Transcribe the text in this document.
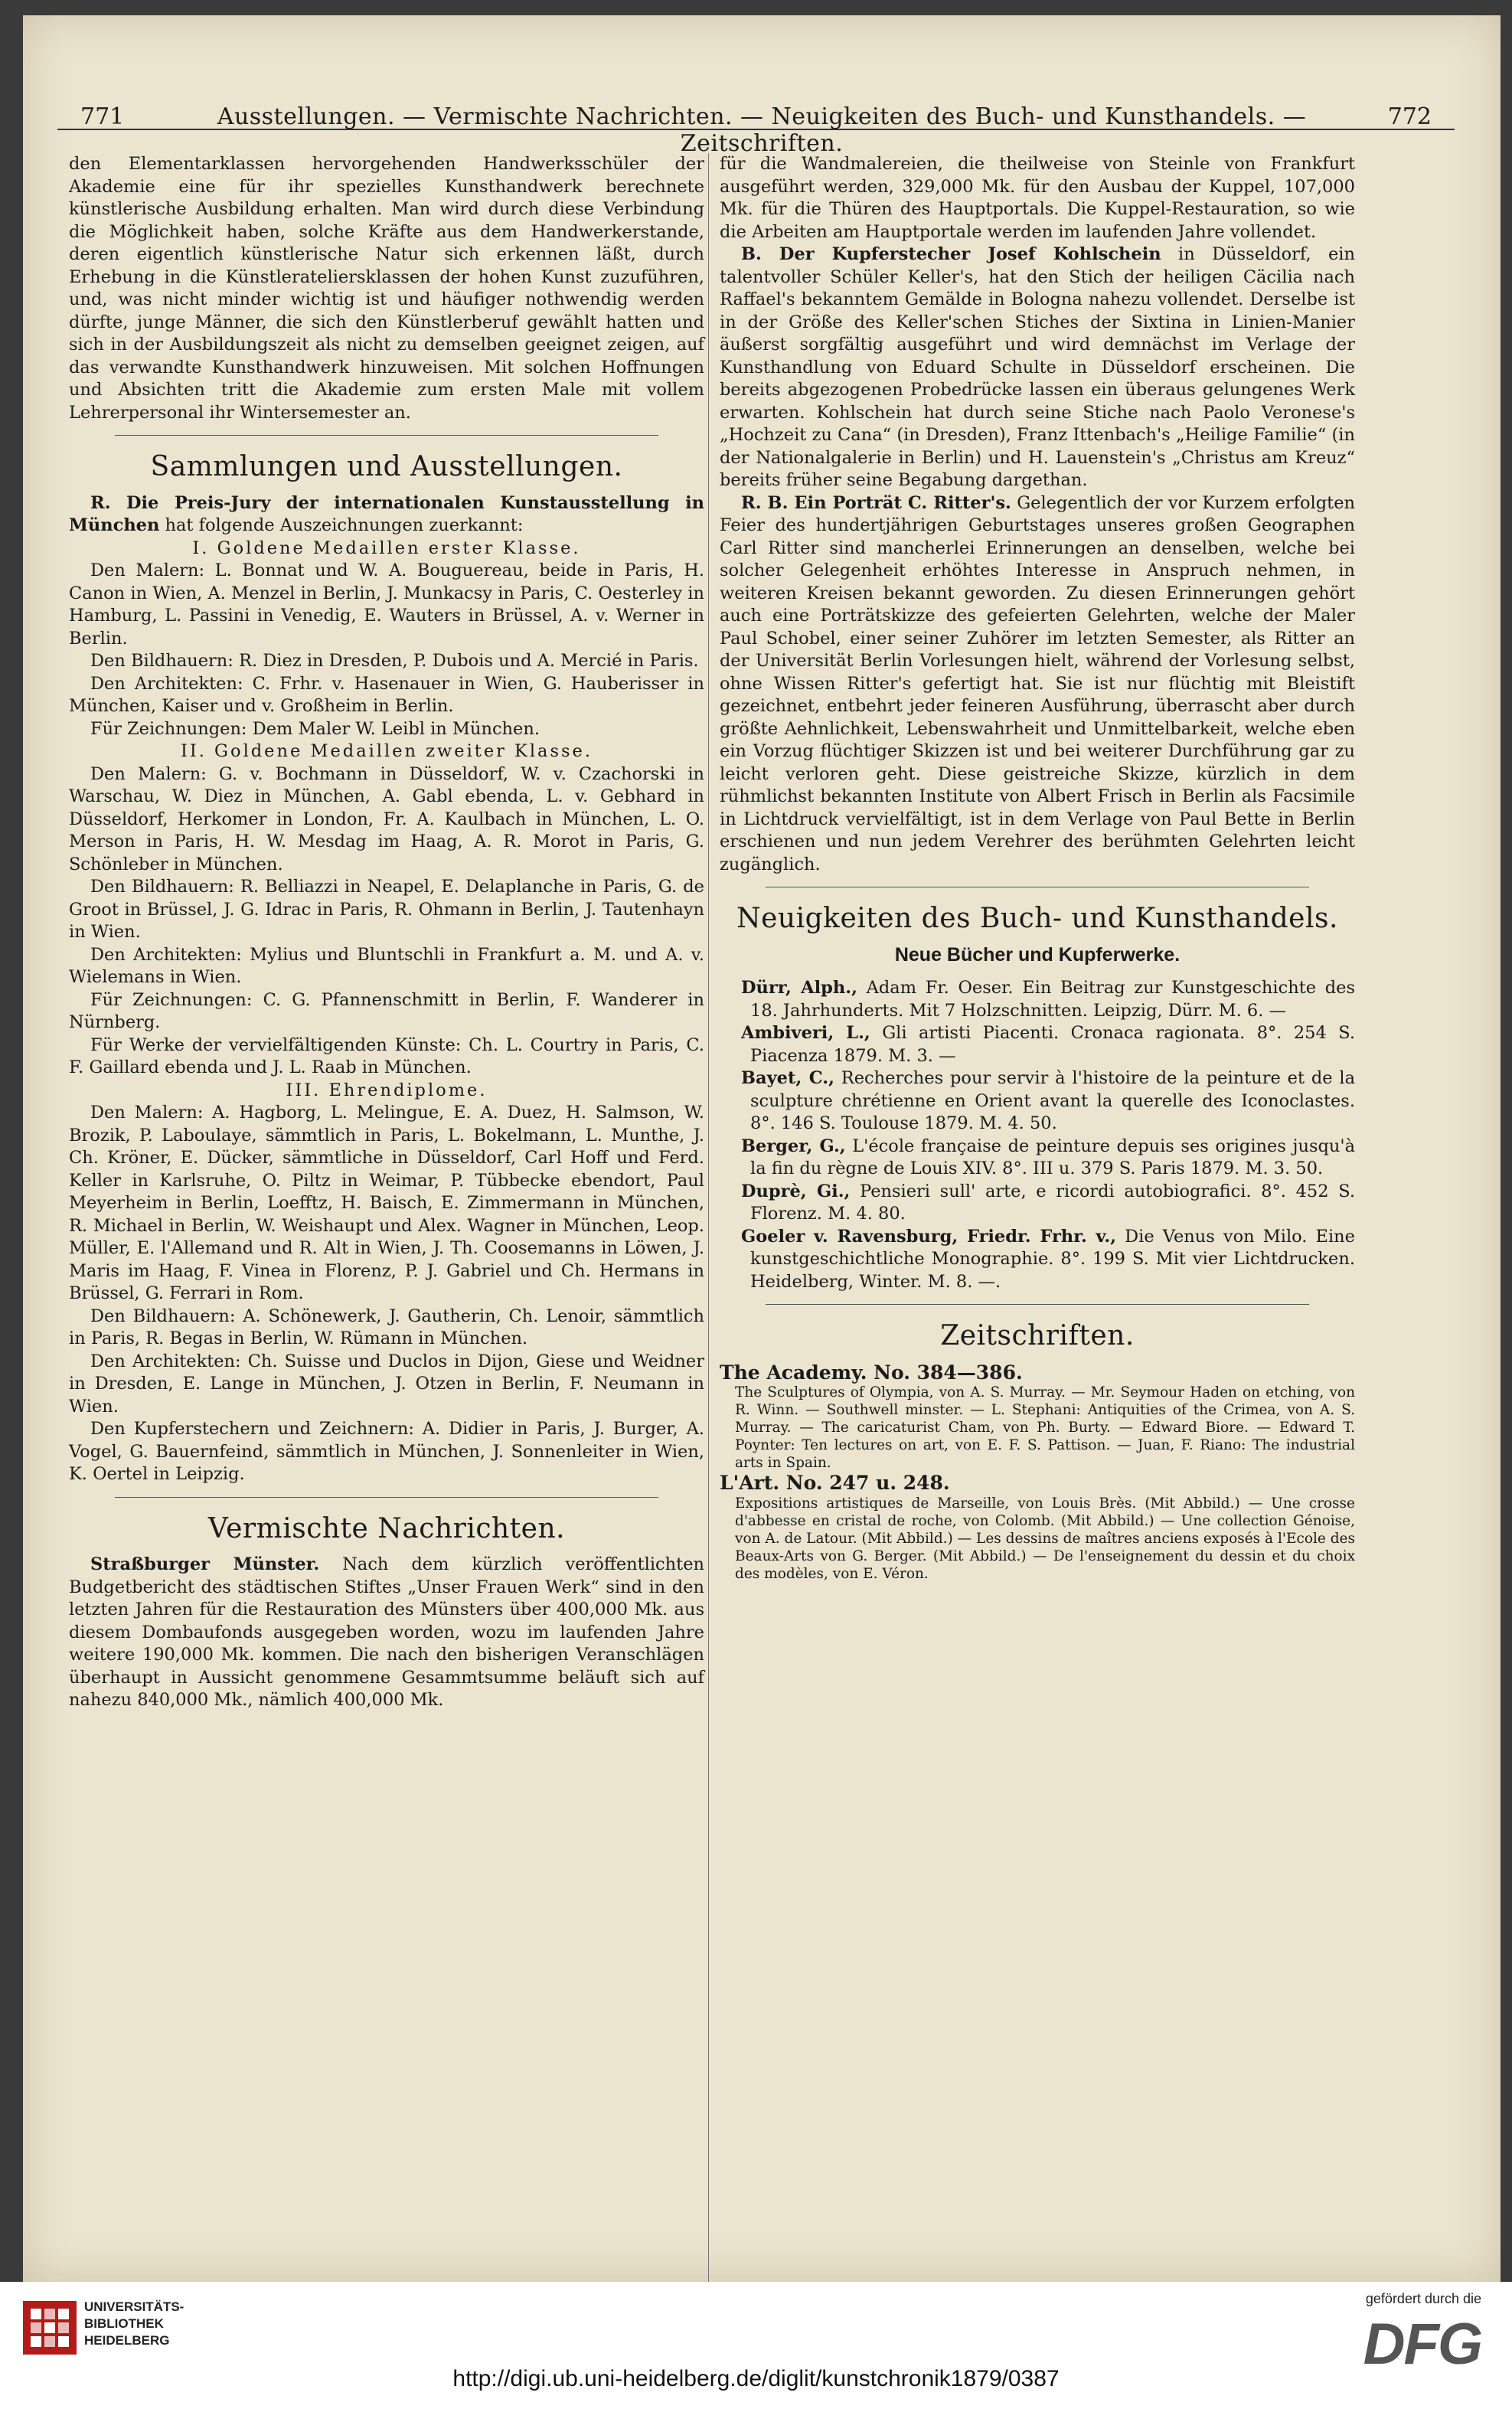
771	Ausstellungen. — Vermischte Nachrichten. — Neuigkeiten des Buch- und Kunsthandels. — Zeitschriften.
772

den Elementarklassen hervorgehenden Handwerksschüler der Akademie eine für ihr spezielles Kunsthandwerk berechnete künstlerische Ausbildung erhalten. Man wird durch diese Verbindung die Möglichkeit haben, solche Kräfte aus dem Handwerkerstande, deren eigentlich künstlerische Natur sich erkennen läßt, durch Erhebung in die Künstlerateliersklassen der hohen Kunst zuzuführen, und, was nicht minder wichtig ist und häufiger nothwendig werden dürfte, junge Männer, die sich den Künstlerberuf gewählt hatten und sich in der Ausbildungszeit als nicht zu demselben geeignet zeigen, auf das verwandte Kunsthandwerk hinzuweisen. Mit solchen Hoffnungen und Absichten tritt die Akademie zum ersten Male mit vollem Lehrerpersonal ihr Wintersemester an.

Sammlungen und Ausstellungen.

R. Die Preis-Jury der internationalen Kunstausstellung in München hat folgende Auszeichnungen zuerkannt:

I. Goldene Medaillen erster Klasse.

Den Malern: L. Bonnat und W. A. Bouguereau, beide in Paris, H. Canon in Wien, A. Menzel in Berlin, J. Munkacsy in Paris, C. Oesterley in Hamburg, L. Passini in Venedig, E. Wauters in Brüssel, A. v. Werner in Berlin.

Den Bildhauern: R. Diez in Dresden, P. Dubois und A. Mercié in Paris.

Den Architekten: C. Frhr. v. Hasenauer in Wien, G. Hauberisser in München, Kaiser und v. Großheim in Berlin.

Für Zeichnungen: Dem Maler W. Leibl in München.

II. Goldene Medaillen zweiter Klasse.

Den Malern: G. v. Bochmann in Düsseldorf, W. v. Czachorski in Warschau, W. Diez in München, A. Gabl ebenda, L. v. Gebhard in Düsseldorf, Herkomer in London, Fr. A. Kaulbach in München, L. O. Merson in Paris, H. W. Mesdag im Haag, A. R. Morot in Paris, G. Schönleber in München.

Den Bildhauern: R. Belliazzi in Neapel, E. Delaplanche in Paris, G. de Groot in Brüssel, J. G. Idrac in Paris, R. Ohmann in Berlin, J. Tautenhayn in Wien.

Den Architekten: Mylius und Bluntschli in Frankfurt a. M. und A. v. Wielemans in Wien.

Für Zeichnungen: C. G. Pfannenschmitt in Berlin, F. Wanderer in Nürnberg.

Für Werke der vervielfältigenden Künste: Ch. L. Courtry in Paris, C. F. Gaillard ebenda und J. L. Raab in München.

III. Ehrendiplome.

Den Malern: A. Hagborg, L. Melingue, E. A. Duez, H. Salmson, W. Brozik, P. Laboulaye, sämmtlich in Paris, L. Bokelmann, L. Munthe, J. Ch. Kröner, E. Dücker, sämmtliche in Düsseldorf, Carl Hoff und Ferd. Keller in Karlsruhe, O. Piltz in Weimar, P. Tübbecke ebendort, Paul Meyerheim in Berlin, Loefftz, H. Baisch, E. Zimmermann in München, R. Michael in Berlin, W. Weishaupt und Alex. Wagner in München, Leop. Müller, E. l'Allemand und R. Alt in Wien, J. Th. Coosemanns in Löwen, J. Maris im Haag, F. Vinea in Florenz, P. J. Gabriel und Ch. Hermans in Brüssel, G. Ferrari in Rom.

Den Bildhauern: A. Schönewerk, J. Gautherin, Ch. Lenoir, sämmtlich in Paris, R. Begas in Berlin, W. Rümann in München.

Den Architekten: Ch. Suisse und Duclos in Dijon, Giese und Weidner in Dresden, E. Lange in München, J. Otzen in Berlin, F. Neumann in Wien.

Den Kupferstechern und Zeichnern: A. Didier in Paris, J. Burger, A. Vogel, G. Bauernfeind, sämmtlich in München, J. Sonnenleiter in Wien, K. Oertel in Leipzig.

Vermischte Nachrichten.

Straßburger Münster. Nach dem kürzlich veröffentlichten Budgetbericht des städtischen Stiftes „Unser Frauen Werk“ sind in den letzten Jahren für die Restauration des Münsters über 400,000 Mk. aus diesem Dombaufonds ausgegeben worden, wozu im laufenden Jahre weitere 190,000 Mk. kommen. Die nach den bisherigen Veranschlägen überhaupt in Aussicht genommene Gesammtsumme beläuft sich auf nahezu 840,000 Mk., nämlich 400,000 Mk.

für die Wandmalereien, die theilweise von Steinle von Frankfurt ausgeführt werden, 329,000 Mk. für den Ausbau der Kuppel, 107,000 Mk. für die Thüren des Hauptportals. Die Kuppel-Restauration, so wie die Arbeiten am Hauptportale werden im laufenden Jahre vollendet.

B. Der Kupferstecher Josef Kohlschein in Düsseldorf, ein talentvoller Schüler Keller's, hat den Stich der heiligen Cäcilia nach Raffael's bekanntem Gemälde in Bologna nahezu vollendet. Derselbe ist in der Größe des Keller'schen Stiches der Sixtina in Linien-Manier äußerst sorgfältig ausgeführt und wird demnächst im Verlage der Kunsthandlung von Eduard Schulte in Düsseldorf erscheinen. Die bereits abgezogenen Probedrücke lassen ein überaus gelungenes Werk erwarten. Kohlschein hat durch seine Stiche nach Paolo Veronese's „Hochzeit zu Cana“ (in Dresden), Franz Ittenbach's „Heilige Familie“ (in der Nationalgalerie in Berlin) und H. Lauenstein's „Christus am Kreuz“ bereits früher seine Begabung dargethan.

R. B. Ein Porträt C. Ritter's. Gelegentlich der vor Kurzem erfolgten Feier des hundertjährigen Geburtstages unseres großen Geographen Carl Ritter sind mancherlei Erinnerungen an denselben, welche bei solcher Gelegenheit erhöhtes Interesse in Anspruch nehmen, in weiteren Kreisen bekannt geworden. Zu diesen Erinnerungen gehört auch eine Porträtskizze des gefeierten Gelehrten, welche der Maler Paul Schobel, einer seiner Zuhörer im letzten Semester, als Ritter an der Universität Berlin Vorlesungen hielt, während der Vorlesung selbst, ohne Wissen Ritter's gefertigt hat. Sie ist nur flüchtig mit Bleistift gezeichnet, entbehrt jeder feineren Ausführung, überrascht aber durch größte Aehnlichkeit, Lebenswahrheit und Unmittelbarkeit, welche eben ein Vorzug flüchtiger Skizzen ist und bei weiterer Durchführung gar zu leicht verloren geht. Diese geistreiche Skizze, kürzlich in dem rühmlichst bekannten Institute von Albert Frisch in Berlin als Facsimile in Lichtdruck vervielfältigt, ist in dem Verlage von Paul Bette in Berlin erschienen und nun jedem Verehrer des berühmten Gelehrten leicht zugänglich.

Neuigkeiten des Buch- und Kunsthandels.
Neue Bücher und Kupferwerke.

Dürr, Alph., Adam Fr. Oeser. Ein Beitrag zur Kunstgeschichte des 18. Jahrhunderts. Mit 7 Holzschnitten. Leipzig, Dürr. M. 6. —

Ambiveri, L., Gli artisti Piacenti. Cronaca ragionata. 8°. 254 S. Piacenza 1879. M. 3. —

Bayet, C., Recherches pour servir à l'histoire de la peinture et de la sculpture chrétienne en Orient avant la querelle des Iconoclastes. 8°. 146 S. Toulouse 1879. M. 4. 50.

Berger, G., L'école française de peinture depuis ses origines jusqu'à la fin du règne de Louis XIV. 8°. III u. 379 S. Paris 1879. M. 3. 50.

Duprè, Gi., Pensieri sull' arte, e ricordi autobiografici. 8°. 452 S. Florenz. M. 4. 80.

Goeler v. Ravensburg, Friedr. Frhr. v., Die Venus von Milo. Eine kunstgeschichtliche Monographie. 8°. 199 S. Mit vier Lichtdrucken. Heidelberg, Winter. M. 8. —.

Zeitschriften.

The Academy. No. 384—386.

The Sculptures of Olympia, von A. S. Murray. — Mr. Seymour Haden on etching, von R. Winn. — Southwell minster. — L. Stephani: Antiquities of the Crimea, von A. S. Murray. — The caricaturist Cham, von Ph. Burty. — Edward Biore. — Edward T. Poynter: Ten lectures on art, von E. F. S. Pattison. — Juan, F. Riano: The industrial arts in Spain.

L'Art. No. 247 u. 248.

Expositions artistiques de Marseille, von Louis Brès. (Mit Abbild.) — Une crosse d'abbesse en cristal de roche, von Colomb. (Mit Abbild.) — Une collection Génoise, von A. de Latour. (Mit Abbild.) — Les dessins de maîtres anciens exposés à l'Ecole des Beaux-Arts von G. Berger. (Mit Abbild.) — De l'enseignement du dessin et du choix des modèles, von E. Véron.

UNIVERSITÄTS-
BIBLIOTHEK
HEIDELBERG
http://digi.ub.uni-heidelberg.de/diglit/kunstchronik1879/0387
gefördert durch die
DFG
